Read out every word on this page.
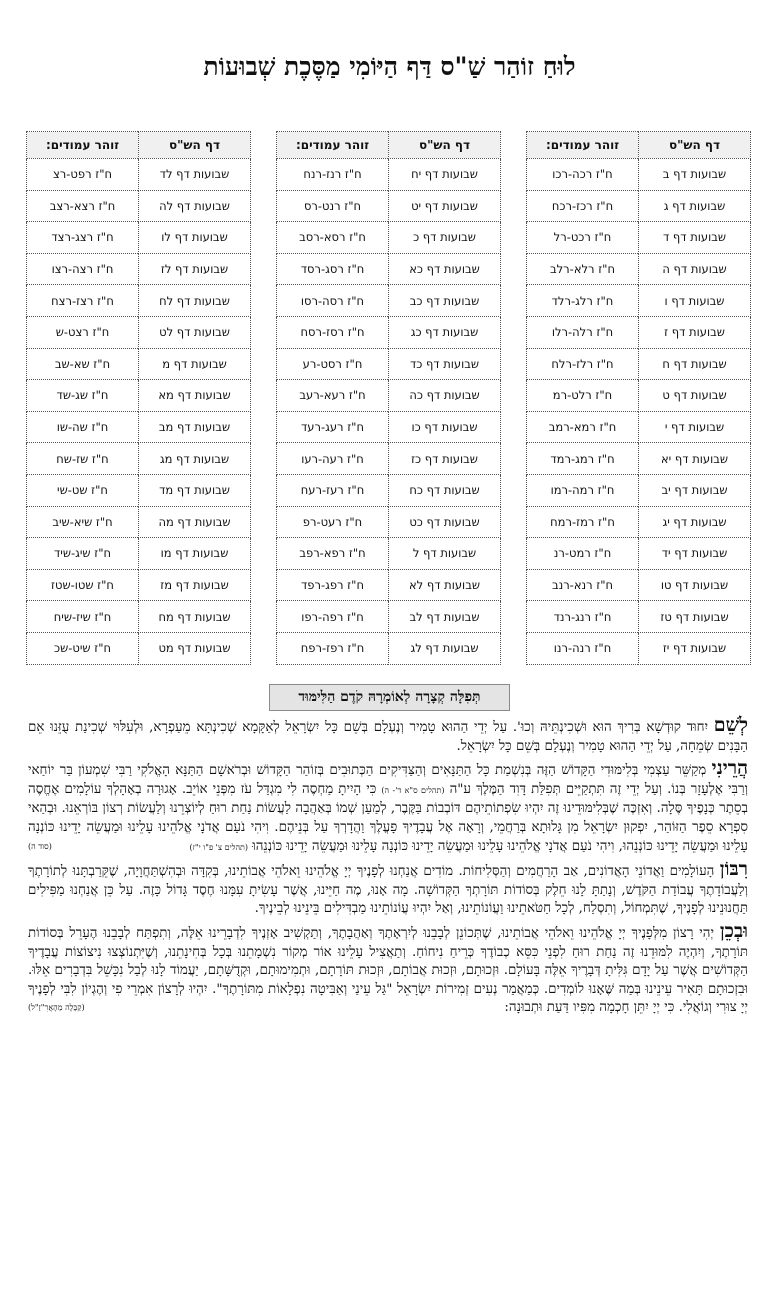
לוּחַ זוֹהַר שַׁ"ס דַּף הַיּוֹמִי מַסֶּכֶת שְׁבוּעוֹת
דף הש"ס	זוהר עמודים:
שבועות דף ב	ח"ז רכה-רכו
שבועות דף ג	ח"ז רכז-רכח
שבועות דף ד	ח"ז רכט-רל
שבועות דף ה	ח"ז רלא-רלב
שבועות דף ו	ח"ז רלג-רלד
שבועות דף ז	ח"ז רלה-רלו
שבועות דף ח	ח"ז רלז-רלח
שבועות דף ט	ח"ז רלט-רמ
שבועות דף י	ח"ז רמא-רמב
שבועות דף יא	ח"ז רמג-רמד
שבועות דף יב	ח"ז רמה-רמו
שבועות דף יג	ח"ז רמז-רמח
שבועות דף יד	ח"ז רמט-רנ
שבועות דף טו	ח"ז רנא-רנב
שבועות דף טז	ח"ז רנג-רנד
שבועות דף יז	ח"ז רנה-רנו
דף הש"ס	זוהר עמודים:
שבועות דף יח	ח"ז רנז-רנח
שבועות דף יט	ח"ז רנט-רס
שבועות דף כ	ח"ז רסא-רסב
שבועות דף כא	ח"ז רסג-רסד
שבועות דף כב	ח"ז רסה-רסו
שבועות דף כג	ח"ז רסז-רסח
שבועות דף כד	ח"ז רסט-רע
שבועות דף כה	ח"ז רעא-רעב
שבועות דף כו	ח"ז רעג-רעד
שבועות דף כז	ח"ז רעה-רעו
שבועות דף כח	ח"ז רעז-רעח
שבועות דף כט	ח"ז רעט-רפ
שבועות דף ל	ח"ז רפא-רפב
שבועות דף לא	ח"ז רפג-רפד
שבועות דף לב	ח"ז רפה-רפו
שבועות דף לג	ח"ז רפז-רפח
דף הש"ס	זוהר עמודים:
שבועות דף לד	ח"ז רפט-רצ
שבועות דף לה	ח"ז רצא-רצב
שבועות דף לו	ח"ז רצג-רצד
שבועות דף לז	ח"ז רצה-רצו
שבועות דף לח	ח"ז רצז-רצח
שבועות דף לט	ח"ז רצט-ש
שבועות דף מ	ח"ז שא-שב
שבועות דף מא	ח"ז שג-שד
שבועות דף מב	ח"ז שה-שו
שבועות דף מג	ח"ז שז-שח
שבועות דף מד	ח"ז שט-שי
שבועות דף מה	ח"ז שיא-שיב
שבועות דף מו	ח"ז שיג-שיד
שבועות דף מז	ח"ז שטו-שטז
שבועות דף מח	ח"ז שיז-שיח
שבועות דף מט	ח"ז שיט-שכ
תְּפִלָּה קְצָרָה לְאוֹמְרָהּ קֹדֶם הַלִּימּוּד

לְשֵׁם יִחוּד קוּדְשָׁא בְּרִיךְ הוּא וּשְׁכִינְתֵּיהּ וְכוּ'. עַל יְדֵי הַהוּא טָמִיר וְנֶעְלָם בְּשֵׁם כָּל יִשְׂרָאֵל לְאַקָּמָא שְׁכִינְתָּא מֵעַפְרָא, וּלְעִלּוּי שְׁכִינַת עֻזֵּנוּ אֵם הַבָּנִים שְׂמֵחָה, עַל יְדֵי הַהוּא טָמִיר וְנֶעְלָם בְּשֵׁם כָּל יִשְׂרָאֵל.

הֲרֵינִי מְקַשֵּׁר עַצְמִי בְּלִימּוּדִי הַקָּדוֹשׁ הַזֶּה בְּנִשְׁמַת כָּל הַתַּנָּאִים וְהַצַּדִּיקִים הַכְּתוּבִים בְּזוֹהַר הַקָּדוֹשׁ וּבְרֹאשָׁם הַתַּנָּא הָאֱלֹקִי רַבִּי שִׁמְעוֹן בַּר יוֹחַאי וְרַבִּי אֶלְעָזָר בְּנוֹ. וְעַל יְדֵי זֶה תִּתְקַיֵּים תְּפִלַּת דָּוִד הַמֶּלֶךְ ע"ה (תהלים ס"א ד'- ה) כִּי הָיִיתָ מַחְסֶה לִי מִגְדַּל עֹז מִפְּנֵי אוֹיֵב. אָגוּרָה בְאָהָלְךָ עוֹלָמִים אֶחֱסֶה בְסֵתֶר כְּנָפֶיךָ סֶּלָה. וְאִזְכֶּה שֶׁבְּלִימּוּדֵינוּ זֶה יִהְיוּ שִׂפְתוֹתֵיהֶם דּוֹבְבוֹת בַּקֶּבֶר, לְמַעַן שְׁמוֹ בְּאַהֲבָה לַעֲשׂוֹת נַחַת רוּחַ לְיוֹצְרֵנוּ וְלַעֲשׂוֹת רְצוֹן בּוֹרְאֵנוּ. וּבְהַאי סִפְרָא סֵפֶר הַזּוֹהַר, יִפְקוּן יִשְׂרָאֵל מִן גָּלוּתָא בְּרַחֲמֵי, וְרָאָה אֶל עֲבָדֶיךָ פָעֳלֶךָ וַהֲדָרְךָ עַל בְּנֵיהֶם. וִיהִי נֹעַם אֲדֹנָי אֱלֹהֵינוּ עָלֵינוּ וּמַעֲשֵׂה יָדֵינוּ כּוֹנְנָה עָלֵינוּ וּמַעֲשֵׂה יָדֵינוּ כּוֹנְנֵהוּ, וִיהִי נֹעַם אֲדֹנָי אֱלֹהֵינוּ עָלֵינוּ וּמַעֲשֵׂה יָדֵינוּ כּוֹנְנָה עָלֵינוּ וּמַעֲשֵׂה יָדֵינוּ כּוֹנְנֵהוּ (תהלים צ' פ"ו י"ז)
(סוד ה)

רִבּוֹן הָעוֹלָמִים וַאֲדוֹנֵי הָאֲדוֹנִים, אַב הָרַחֲמִים וְהַסְּלִיחוֹת. מוֹדִים אֲנַחְנוּ לְפָנֶיךָ יְיָ אֱלֹהֵינוּ וֵאלֹהֵי אֲבוֹתֵינוּ, בְּקִדָּה וּבְהִשְׁתַּחֲוָיָה, שֶׁקֵּרַבְתָּנוּ לְתוֹרָתֶךָ וְלַעֲבוֹדָתֶךָ עֲבוֹדַת הַקֹּדֶשׁ, וְנָתַתָּ לָנוּ חֵלֶק בְּסוֹדוֹת תּוֹרָתְךָ הַקְּדוֹשָׁה. מָה אָנוּ, מֶה חַיֵּינוּ, אֲשֶׁר עָשִׂיתָ עִמָּנוּ חֶסֶד גָּדוֹל כָּזֶה. עַל כֵּן אֲנַחְנוּ מַפִּילִים תַּחֲנוּנֵינוּ לְפָנֶיךָ, שֶׁתִּמְחוֹל, וְתִסְלַח, לְכָל חַטֹּאתֵינוּ וַעֲוֹנוֹתֵינוּ, וְאַל יִהְיוּ עֲוֹנוֹתֵינוּ מַבְדִּילִים בֵּינֵינוּ לְבֵינֶיךָ.

וּבְכֵן יְהִי רָצוֹן מִלְּפָנֶיךָ יְיָ אֱלֹהֵינוּ וֵאלֹהֵי אֲבוֹתֵינוּ, שֶׁתְּכוֹנֵן לְבָבֵנוּ לְיִרְאָתֶךָ וְאַהֲבָתֶךָ, וְתַקְשִׁיב אָזְנֶיךָ לִדְבָרֵינוּ אֵלֶּה, וְתִפְתַּח לְבָבֵנוּ הֶעָרֵל בְּסוֹדוֹת תּוֹרָתֶךָ, וְיִהְיֶה לִמּוּדֵנוּ זֶה נַחַת רוּחַ לִפְנֵי כִּסֵּא כְבוֹדֶךָ כְּרֵיחַ נִיחוֹחַ. וְתַאֲצִיל עָלֵינוּ אוֹר מְקוֹר נִשְׁמָתֵנוּ בְּכָל בְּחִינָתֵנוּ, וְשֶׁיִּתְנוֹצְצוּ נִיצוֹצוֹת עֲבָדֶיךָ הַקְּדוֹשִׁים אֲשֶׁר עַל יָדָם גִּלִּיתָ דְּבָרֶיךָ אֵלֶּה בָּעוֹלָם. וּזְכוּתָם, וּזְכוּת אֲבוֹתָם, וּזְכוּת תּוֹרָתָם, וּתְמִימוּתָם, וּקְדֻשָּׁתָם, יַעֲמוֹד לָנוּ לְבַל נִכָּשֵׁל בִּדְבָרִים אֵלּוּ. וּבִזְכוּתָם תָּאִיר עֵינֵינוּ בְּמַה שֶּׁאָנוּ לוֹמְדִים. כְּמַאֲמַר נְעִים זְמִירוֹת יִשְׂרָאֵל "גַּל עֵינַי וְאַבִּיטָה נִפְלָאוֹת מִתּוֹרָתֶךָ". יִהְיוּ לְרָצוֹן אִמְרֵי פִי וְהֶגְיוֹן לִבִּי לְפָנֶיךָ יְיָ צוּרִי וְגוֹאֲלִי. כִּי יְיָ יִתֵּן חָכְמָה מִפִּיו דַּעַת וּתְבוּנָה:
(קַבָּלָה מֵהָאֲרִ"זַ"ל)
